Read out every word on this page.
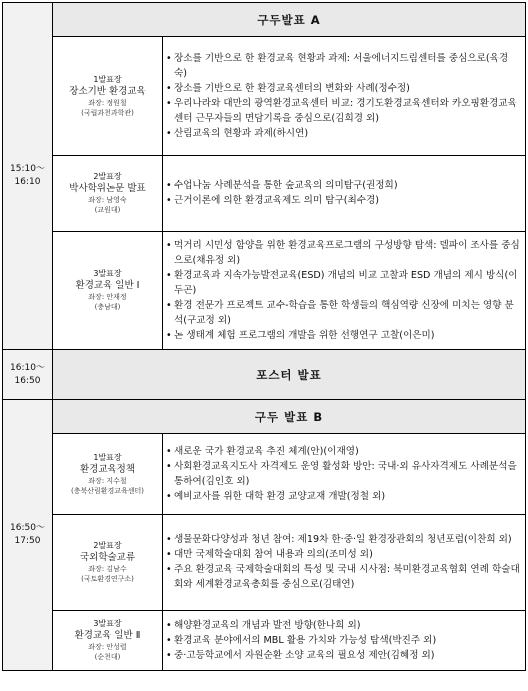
15:10～16:10
	구두발표 A

1발표장
장소기반 환경교육
좌장: 정원철
(국립과천과학관)

• 장소를 기반으로 한 환경교육 현황과 과제: 서울에너지드림센터를 중심으로(육경숙)
• 장소를 기반으로 한 환경교육센터의 변화와 사례(정수정)
• 우리나라와 대만의 광역환경교육센터 비교: 경기도환경교육센터와 카오핑환경교육센터 근무자들의 면담기록을 중심으로(김희경 외)
• 산림교육의 현황과 과제(하시연)

2발표장
박사학위논문 발표
좌장: 남영숙
(교원대)

• 수업나눔 사례분석을 통한 숲교육의 의미탐구(권정희)
• 근거이론에 의한 환경교육제도 의미 탐구(최수경)

3발표장
환경교육 일반 Ⅰ
좌장: 안재정
(충남대)

• 먹거리 시민성 함양을 위한 환경교육프로그램의 구성방향 탐색: 델파이 조사를 중심으로(채유정 외)
• 환경교육과 지속가능발전교육(ESD) 개념의 비교 고찰과 ESD 개념의 제시 방식(이두곤)
• 환경 전문가 프로젝트 교수-학습을 통한 학생들의 핵심역량 신장에 미치는 영향 분석(구교정 외)
• 논 생태계 체험 프로그램의 개발을 위한 선행연구 고찰(이은미)

16:10～16:50	포스터 발표

16:50～17:50
	구두 발표 B

1발표장
환경교육정책
좌장: 지수철
(충북산림환경교육센터)

• 새로운 국가 환경교육 추진 체계(안)(이재영)
• 사회환경교육지도사 자격제도 운영 활성화 방안: 국내·외 유사자격제도 사례분석을 통하여(김인호 외)
• 예비교사를 위한 대학 환경 교양교재 개발(정철 외)

2발표장
국외학술교류
좌장: 김남수
(국토환경연구소)

• 생물문화다양성과 청년 참여: 제19차 한·중·일 환경장관회의 청년포럼(이찬희 외)
• 대만 국제학술대회 참여 내용과 의의(조미성 외)
• 주요 환경교육 국제학술대회의 특성 및 국내 시사점: 북미환경교육협회 연례 학술대회와 세계환경교육총회를 중심으로(김태연)

3발표장
환경교육 일반 Ⅱ
좌장: 안성렬
(순천대)

• 해양환경교육의 개념과 발전 방향(한나희 외)
• 환경교육 분야에서의 MBL 활용 가치와 가능성 탐색(박진주 외)
• 중·고등학교에서 자원순환 소양 교육의 필요성 제안(김혜정 외)
